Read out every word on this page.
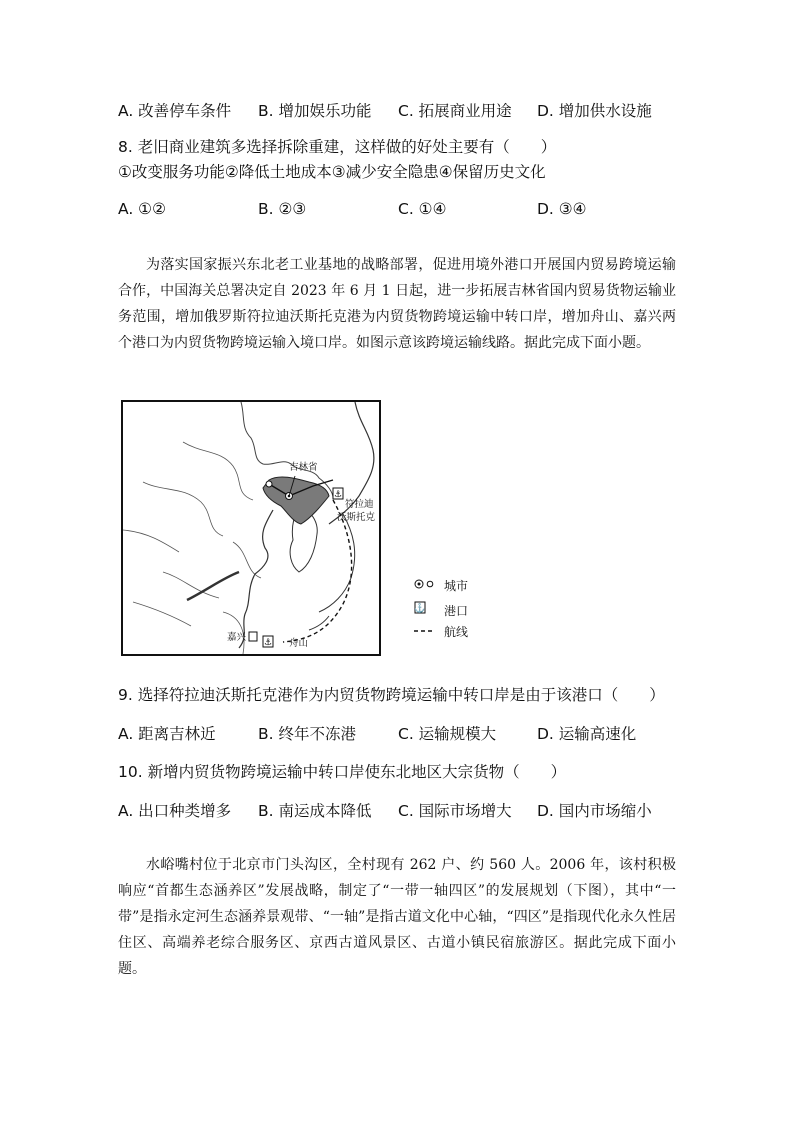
A. 改善停车条件 B. 增加娱乐功能 C. 拓展商业用途 D. 增加供水设施
8. 老旧商业建筑多选择拆除重建，这样做的好处主要有（　　）
①改变服务功能②降低土地成本③减少安全隐患④保留历史文化
A. ①②	B. ②③	C. ①④	D. ③④
为落实国家振兴东北老工业基地的战略部署，促进用境外港口开展国内贸易跨境运输合作，中国海关总署决定自 2023 年 6 月 1 日起，进一步拓展吉林省国内贸易货物运输业务范围，增加俄罗斯符拉迪沃斯托克港为内贸货物跨境运输中转口岸，增加舟山、嘉兴两个港口为内贸货物跨境运输入境口岸。如图示意该跨境运输线路。据此完成下面小题。
⚓
⚓
吉林省
符拉迪
沃斯托克
嘉兴
舟山
城市
⚓ 港口
航线
9. 选择符拉迪沃斯托克港作为内贸货物跨境运输中转口岸是由于该港口（　　）
A. 距离吉林近	B. 终年不冻港	C. 运输规模大	D. 运输高速化
10. 新增内贸货物跨境运输中转口岸使东北地区大宗货物（　　）
A. 出口种类增多 B. 南运成本降低 C. 国际市场增大 D. 国内市场缩小
水峪嘴村位于北京市门头沟区，全村现有 262 户、约 560 人。2006 年，该村积极响应“首都生态涵养区”发展战略，制定了“一带一轴四区”的发展规划（下图），其中“一带”是指永定河生态涵养景观带、“一轴”是指古道文化中心轴，“四区”是指现代化永久性居住区、高端养老综合服务区、京西古道风景区、古道小镇民宿旅游区。据此完成下面小题。
